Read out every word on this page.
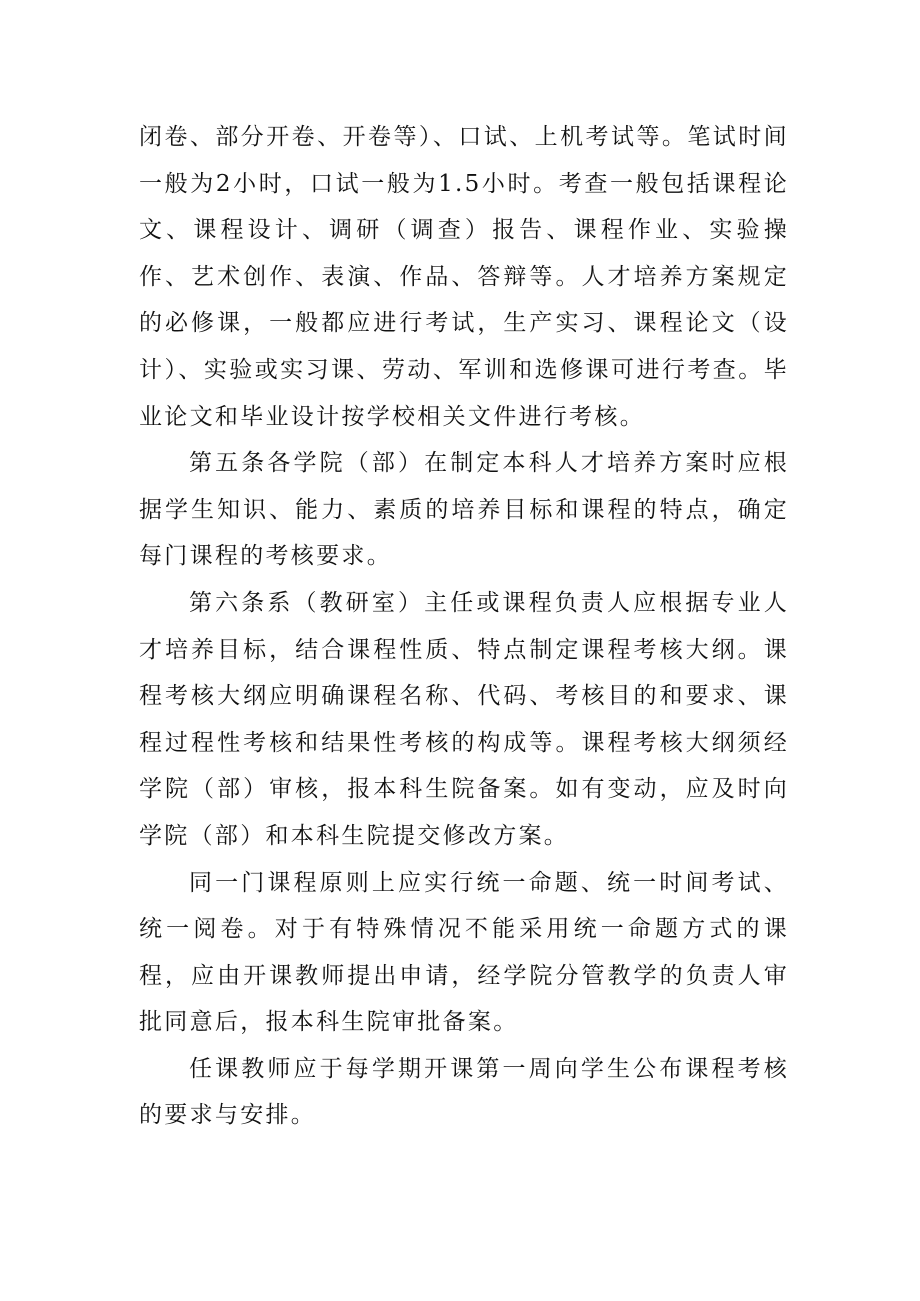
闭卷、部分开卷、开卷等）、口试、上机考试等。笔试时间一般为2小时，口试一般为1.5小时。考查一般包括课程论文、课程设计、调研（调查）报告、课程作业、实验操作、艺术创作、表演、作品、答辩等。人才培养方案规定的必修课，一般都应进行考试，生产实习、课程论文（设计）、实验或实习课、劳动、军训和选修课可进行考查。毕业论文和毕业设计按学校相关文件进行考核。

第五条各学院（部）在制定本科人才培养方案时应根据学生知识、能力、素质的培养目标和课程的特点，确定每门课程的考核要求。

第六条系（教研室）主任或课程负责人应根据专业人才培养目标，结合课程性质、特点制定课程考核大纲。课程考核大纲应明确课程名称、代码、考核目的和要求、课程过程性考核和结果性考核的构成等。课程考核大纲须经学院（部）审核，报本科生院备案。如有变动，应及时向学院（部）和本科生院提交修改方案。

同一门课程原则上应实行统一命题、统一时间考试、统一阅卷。对于有特殊情况不能采用统一命题方式的课程，应由开课教师提出申请，经学院分管教学的负责人审批同意后，报本科生院审批备案。

任课教师应于每学期开课第一周向学生公布课程考核的要求与安排。
